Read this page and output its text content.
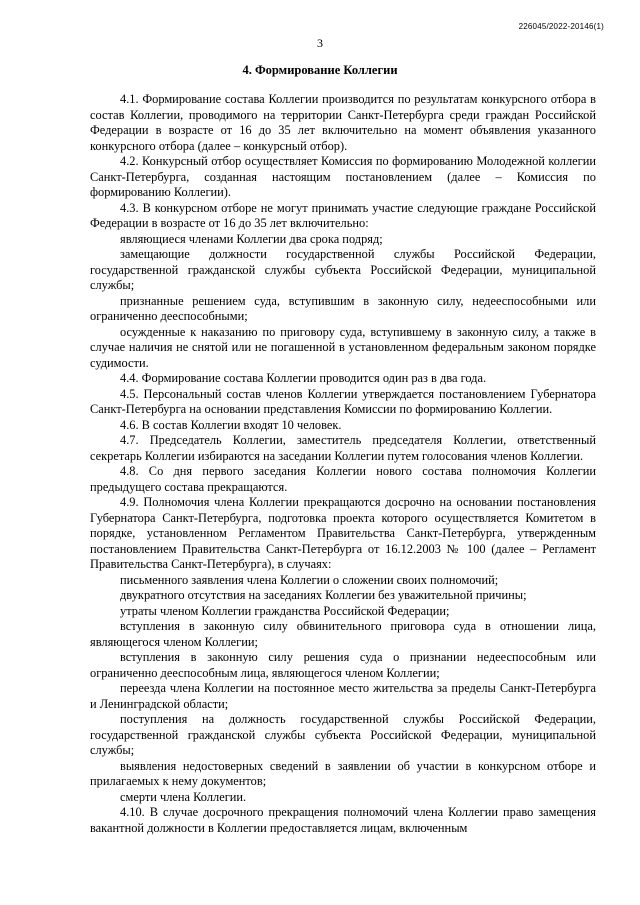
226045/2022-20146(1)
3
4. Формирование Коллегии

4.1. Формирование состава Коллегии производится по результатам конкурсного отбора в состав Коллегии, проводимого на территории Санкт-Петербурга среди граждан Российской Федерации в возрасте от 16 до 35 лет включительно на момент объявления указанного конкурсного отбора (далее – конкурсный отбор).

4.2. Конкурсный отбор осуществляет Комиссия по формированию Молодежной коллегии Санкт-Петербурга, созданная настоящим постановлением (далее – Комиссия по формированию Коллегии).

4.3. В конкурсном отборе не могут принимать участие следующие граждане Российской Федерации в возрасте от 16 до 35 лет включительно:

являющиеся членами Коллегии два срока подряд;

замещающие должности государственной службы Российской Федерации, государственной гражданской службы субъекта Российской Федерации, муниципальной службы;

признанные решением суда, вступившим в законную силу, недееспособными или ограниченно дееспособными;

осужденные к наказанию по приговору суда, вступившему в законную силу, а также в случае наличия не снятой или не погашенной в установленном федеральным законом порядке судимости.

4.4. Формирование состава Коллегии проводится один раз в два года.

4.5. Персональный состав членов Коллегии утверждается постановлением Губернатора Санкт-Петербурга на основании представления Комиссии по формированию Коллегии.

4.6. В состав Коллегии входят 10 человек.

4.7. Председатель Коллегии, заместитель председателя Коллегии, ответственный секретарь Коллегии избираются на заседании Коллегии путем голосования членов Коллегии.

4.8. Со дня первого заседания Коллегии нового состава полномочия Коллегии предыдущего состава прекращаются.

4.9. Полномочия члена Коллегии прекращаются досрочно на основании постановления Губернатора Санкт-Петербурга, подготовка проекта которого осуществляется Комитетом в порядке, установленном Регламентом Правительства Санкт-Петербурга, утвержденным постановлением Правительства Санкт-Петербурга от 16.12.2003 № 100 (далее – Регламент Правительства Санкт-Петербурга), в случаях:

письменного заявления члена Коллегии о сложении своих полномочий;

двукратного отсутствия на заседаниях Коллегии без уважительной причины;

утраты членом Коллегии гражданства Российской Федерации;

вступления в законную силу обвинительного приговора суда в отношении лица, являющегося членом Коллегии;

вступления в законную силу решения суда о признании недееспособным или ограниченно дееспособным лица, являющегося членом Коллегии;

переезда члена Коллегии на постоянное место жительства за пределы Санкт-Петербурга и Ленинградской области;

поступления на должность государственной службы Российской Федерации, государственной гражданской службы субъекта Российской Федерации, муниципальной службы;

выявления недостоверных сведений в заявлении об участии в конкурсном отборе и прилагаемых к нему документов;

смерти члена Коллегии.

4.10. В случае досрочного прекращения полномочий члена Коллегии право замещения вакантной должности в Коллегии предоставляется лицам, включенным
